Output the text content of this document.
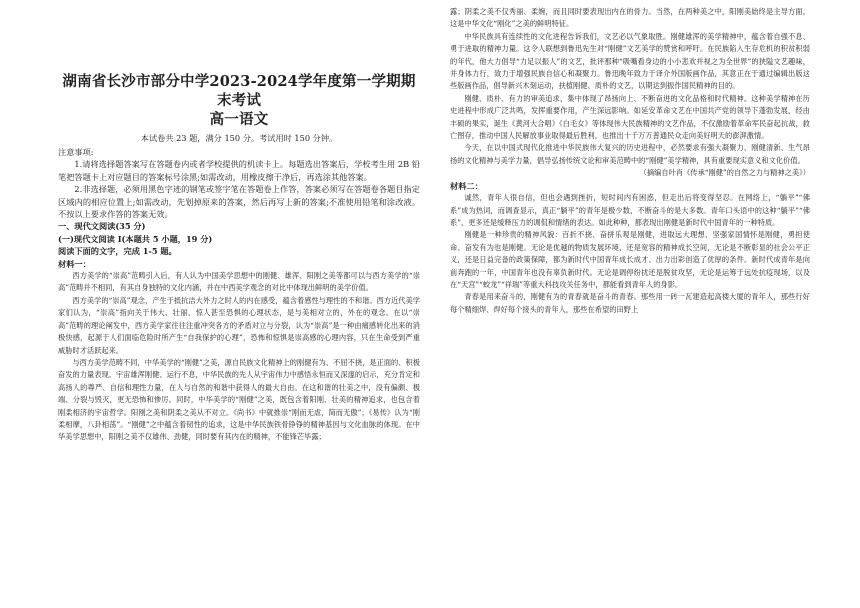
湖南省长沙市部分中学2023-2024学年度第一学期期末考试

高一语文

本试卷共 23 题，满分 150 分。考试用时 150 分钟。

注意事项:

1.请将选择题答案写在答题卷内或者学校提供的机读卡上。每题选出答案后，学校考生用 2B 铅笔把答题卡上对应题目的答案标号涂黑;如需改动，用橡皮擦干净后，再选涂其他答案。

2.非选择题，必须用黑色字迹的钢笔或签字笔在答题卷上作答，答案必须写在答题卷各题目指定区域内的相应位置上;如需改动，先划掉原来的答案，然后再写上新的答案;不准使用铅笔和涂改液。不按以上要求作答的答案无效。

一、现代文阅读(35 分)

(一)现代文阅读 I(本题共 5 小题，19 分)

阅读下面的文字，完成 1-5 题。

材料一：

西方美学的“崇高”范畴引入后，有人认为中国美学思想中的刚健、雄浑、阳刚之美等都可以与西方美学的“崇高”范畴并不相同，有其自身独特的文化内涵，并在中西美学观念的对比中体现出鲜明的美学价值。

西方美学的“崇高”观念，产生于抵抗洁大外力之时人的内在感受，蕴含着感性与理性的不和谐。西方近代美学家们认为，“崇高”指向关于伟大、壮丽、惊人甚至恐惧的心理状态，是与美相对立的，外在的观念。在以“崇高”范畴的理论阐发中，西方美学家往往注重冲突各方的矛盾对立与分裂，认为“崇高”是一种由痛感转化出来的消极快感，起源于人们面临危险时所产生“自我保护的心理”，恐怖和惊惧是崇高感的心理内容，只在生命受到严重威胁时才活跃起来。

与西方美学范畴不同，中华美学的“刚健”之美，源自民族文化精神上的刚健有为、不屈不挠，是正面的、积极奋发的力量表现。宇宙雄浑刚健、运行不息，中华民族的先人从宇宙伟力中感悟永恒而又深邃的启示，充分肯定和高扬人的尊严、自信和理性力量，在人与自然的和谐中获得人的最大自由。在这和谐的壮美之中，没有偏颇、极端、分裂与毁灭，更无恐怖和惨厉。同时，中华美学的“刚健”之美，既包含着阳刚、壮美的精神追求，也包含着刚柔相济的宇宙哲学。阳刚之美和阴柔之美从不对立。《尚书》中就推崇“刚而无虐，简而无傲”；《易传》认为“刚柔相摩，八卦相荡”。“刚健”之中蕴含着韧性的追求，这是中华民族铁骨铮铮的精神基因与文化血脉的体现。在中华美学思想中，阳刚之美不仅雄伟、劲健，同时要有其内在的精神，不能锋芒毕露；

露；阴柔之美不仅秀丽、柔婉，而且同时要表现出内在的骨力。当然，在两种美之中，阳刚美始终是主导方面，这是中华文化“刚化”之美的鲜明特征。

中华民族具有连续性的文化进程告诉我们，文艺必以气象取胜。刚健雄浑的美学精神中，蕴含着自强不息、勇于进取的精神力量。这令人联想到鲁迅先生对“刚健”文艺美学的赞赏和呼吁。在民族陷入生存危机的积贫积弱的年代，他大力倡导“力足以振人”的文艺，批评那种“吸嘴看身边的小小悲欢并视之为全世界”的狭隘文艺趣味，并身体力行，致力于增强民族自信心和凝聚力。鲁迅晚年致力于译介外国版画作品，其意正在于通过编辑出版这些版画作品，倡导新兴木刻运动，扶植刚健、质朴的文艺，以期达到振作国民精神的目的。

刚健、质朴、有力的审美追求，集中体现了昂扬向上、不断奋进的文化品格和时代精神。这种美学精神在历史进程中形成广泛共鸣，发挥重要作用，产生深远影响。如延安革命文艺在中国共产党的领导下蓬勃发展，经由丰硕的果实，诞生《黄河大合唱》《白毛女》等体现伟大民族精神的文艺作品，不仅激励着革命军民奋起抗战，救亡图存，推动中国人民解放事业取得最后胜利，也推出十千万万普通民众走向美好明天的澎湃激情。

今天，在以中国式现代化推进中华民族伟大复兴的历史进程中，必然要求有强大凝聚力、刚健清新、生气昂扬的文化精神与美学力量，倡导弘扬传统文论和审美范畴中的“刚健”美学精神，具有重要现实意义和文化价值。

（摘编自叶肖《传承“刚健”的自然之力与精神之美》）

材料二：

诚然，青年人很自信，但也会遇到挫折，短时间内有困惑，但走出后将变得坚忍。在网络上，“躺平”“佛系”成为热词，而调查显示，真正“躺平”的青年是极少数，不断奋斗的是大多数。青年口头语中的这种“躺平”“佛系”，更多还是缓释压力的调侃和情绪的表达。如此种种，都表现出刚健是新时代中国青年的一种特质。

刚健是一种珍贵的精神风貌：百折不挠、奋拼乐观是刚健，进取远大理想、坚强家国情怀是刚健，勇担使命、奋发有为也是刚健。无论是优越的物质发展环境，还是宽容的精神成长空间，无论是不断彰显的社会公平正义，还是日益完备的政策保障，都为新时代中国青年成长成才、出力出彩创造了优厚的条件。新时代成青年是向前奔跑的一年，中国青年也没有辜负新时代。无论是调停纷扰还是脱贫攻坚，无论是运筹于远处抗疫现场，以及在“天宫”“蛟龙”“祥瑞”等重大科技攻关任务中，都能看到青年人的身影。

青春是用来奋斗的，刚健有为的青春就是奋斗的青春。那些用一砖一瓦建造起高楼大厦的青年人，那些行好每个精细焊、焊好每个接头的青年人，那些在希望的田野上
